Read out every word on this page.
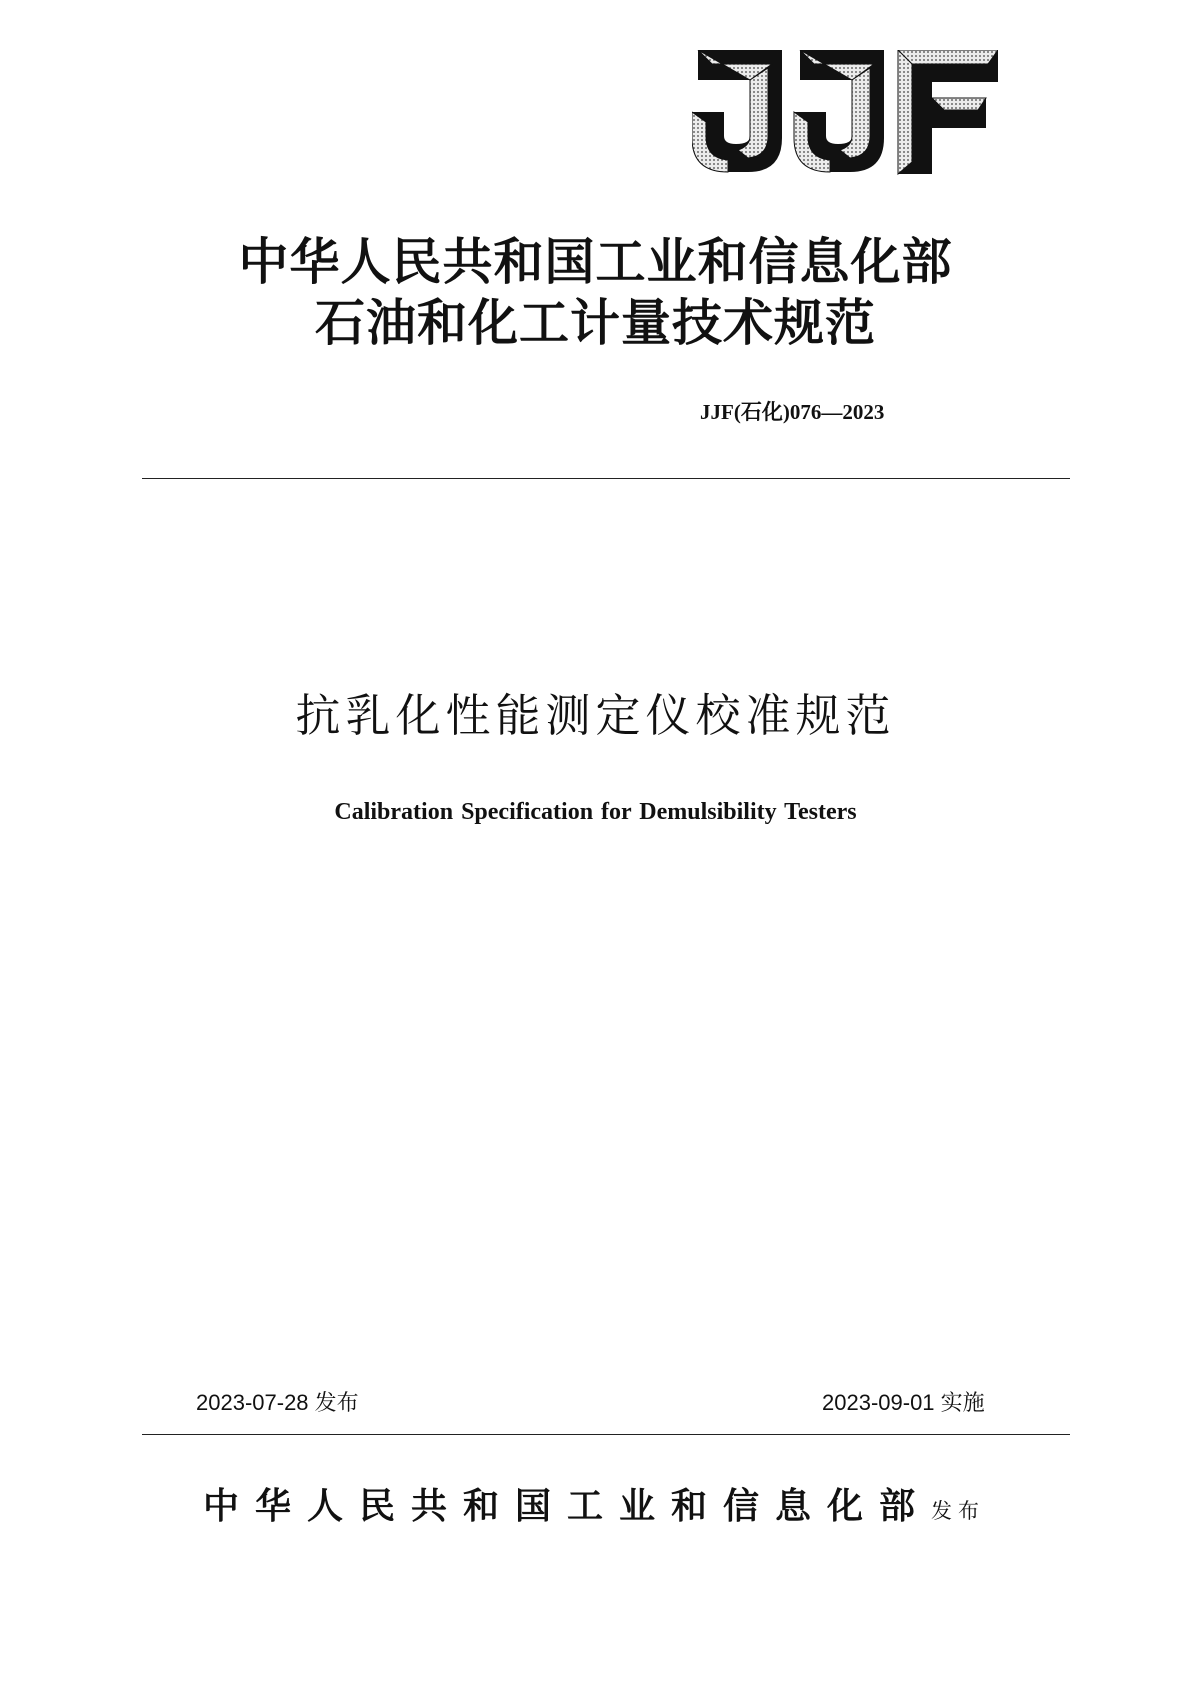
中华人民共和国工业和信息化部
石油和化工计量技术规范
JJF(石化)076—2023
抗乳化性能测定仪校准规范
Calibration Specification for Demulsibility Testers
2023-07-28 发布	2023-09-01 实施
中华人民共和国工业和信息化部发布
